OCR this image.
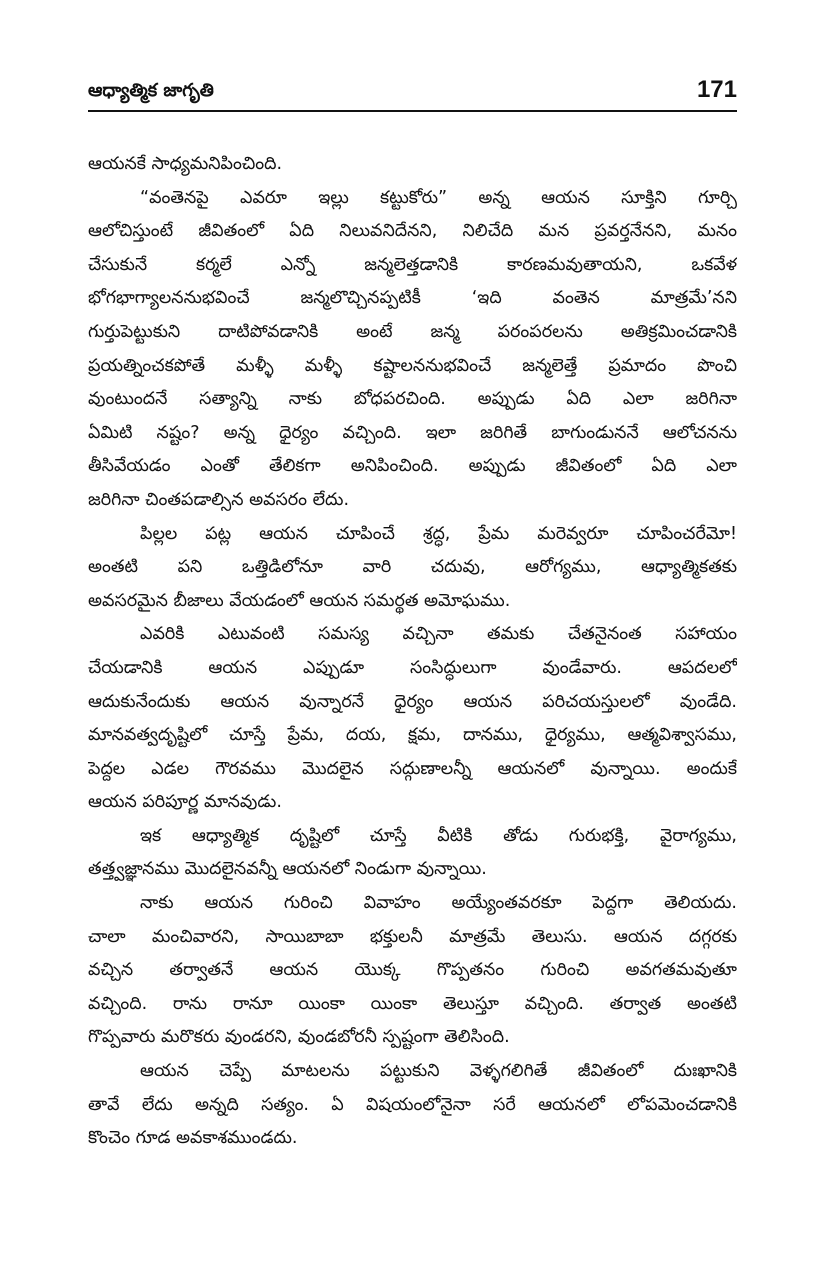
ఆధ్యాత్మిక జాగృతి	171
ఆయనకే సాధ్యమనిపించింది.
“వంతెనపై ఎవరూ ఇల్లు కట్టుకోరు” అన్న ఆయన సూక్తిని గూర్చి
ఆలోచిస్తుంటే జీవితంలో ఏది నిలువనిదేనని, నిలిచేది మన ప్రవర్తనేనని, మనం
చేసుకునే కర్మలే ఎన్నో జన్మలెత్తడానికి కారణమవుతాయని, ఒకవేళ
భోగభాగ్యాలననుభవించే జన్మలొచ్చినప్పటికీ ‘ఇది వంతెన మాత్రమే’నని
గుర్తుపెట్టుకుని దాటిపోవడానికి అంటే జన్మ పరంపరలను అతిక్రమించడానికి
ప్రయత్నించకపోతే మళ్ళీ మళ్ళీ కష్టాలననుభవించే జన్మలెత్తే ప్రమాదం పొంచి
వుంటుందనే సత్యాన్ని నాకు బోధపరచింది. అప్పుడు ఏది ఎలా జరిగినా
ఏమిటి నష్టం? అన్న ధైర్యం వచ్చింది. ఇలా జరిగితే బాగుండుననే ఆలోచనను
తీసివేయడం ఎంతో తేలికగా అనిపించింది. అప్పుడు జీవితంలో ఏది ఎలా
జరిగినా చింతపడాల్సిన అవసరం లేదు.
పిల్లల పట్ల ఆయన చూపించే శ్రద్ధ, ప్రేమ మరెవ్వరూ చూపించరేమో!
అంతటి పని ఒత్తిడిలోనూ వారి చదువు, ఆరోగ్యము, ఆధ్యాత్మికతకు
అవసరమైన బీజాలు వేయడంలో ఆయన సమర్థత అమోఘము.
ఎవరికి ఎటువంటి సమస్య వచ్చినా తమకు చేతనైనంత సహాయం
చేయడానికి ఆయన ఎప్పుడూ సంసిద్ధులుగా వుండేవారు. ఆపదలలో
ఆదుకునేందుకు ఆయన వున్నారనే ధైర్యం ఆయన పరిచయస్తులలో వుండేది.
మానవత్వదృష్టిలో చూస్తే ప్రేమ, దయ, క్షమ, దానము, ధైర్యము, ఆత్మవిశ్వాసము,
పెద్దల ఎడల గౌరవము మొదలైన సద్గుణాలన్నీ ఆయనలో వున్నాయి. అందుకే
ఆయన పరిపూర్ణ మానవుడు.
ఇక ఆధ్యాత్మిక దృష్టిలో చూస్తే వీటికి తోడు గురుభక్తి, వైరాగ్యము,
తత్త్వజ్ఞానము మొదలైనవన్నీ ఆయనలో నిండుగా వున్నాయి.
నాకు ఆయన గురించి వివాహం అయ్యేంతవరకూ పెద్దగా తెలియదు.
చాలా మంచివారని, సాయిబాబా భక్తులనీ మాత్రమే తెలుసు. ఆయన దగ్గరకు
వచ్చిన తర్వాతనే ఆయన యొక్క గొప్పతనం గురించి అవగతమవుతూ
వచ్చింది. రాను రానూ యింకా యింకా తెలుస్తూ వచ్చింది. తర్వాత అంతటి
గొప్పవారు మరొకరు వుండరని, వుండబోరనీ స్పష్టంగా తెలిసింది.
ఆయన చెప్పే మాటలను పట్టుకుని వెళ్ళగలిగితే జీవితంలో దుఃఖానికి
తావే లేదు అన్నది సత్యం. ఏ విషయంలోనైనా సరే ఆయనలో లోపమెంచడానికి
కొంచెం గూడ అవకాశముండదు.
